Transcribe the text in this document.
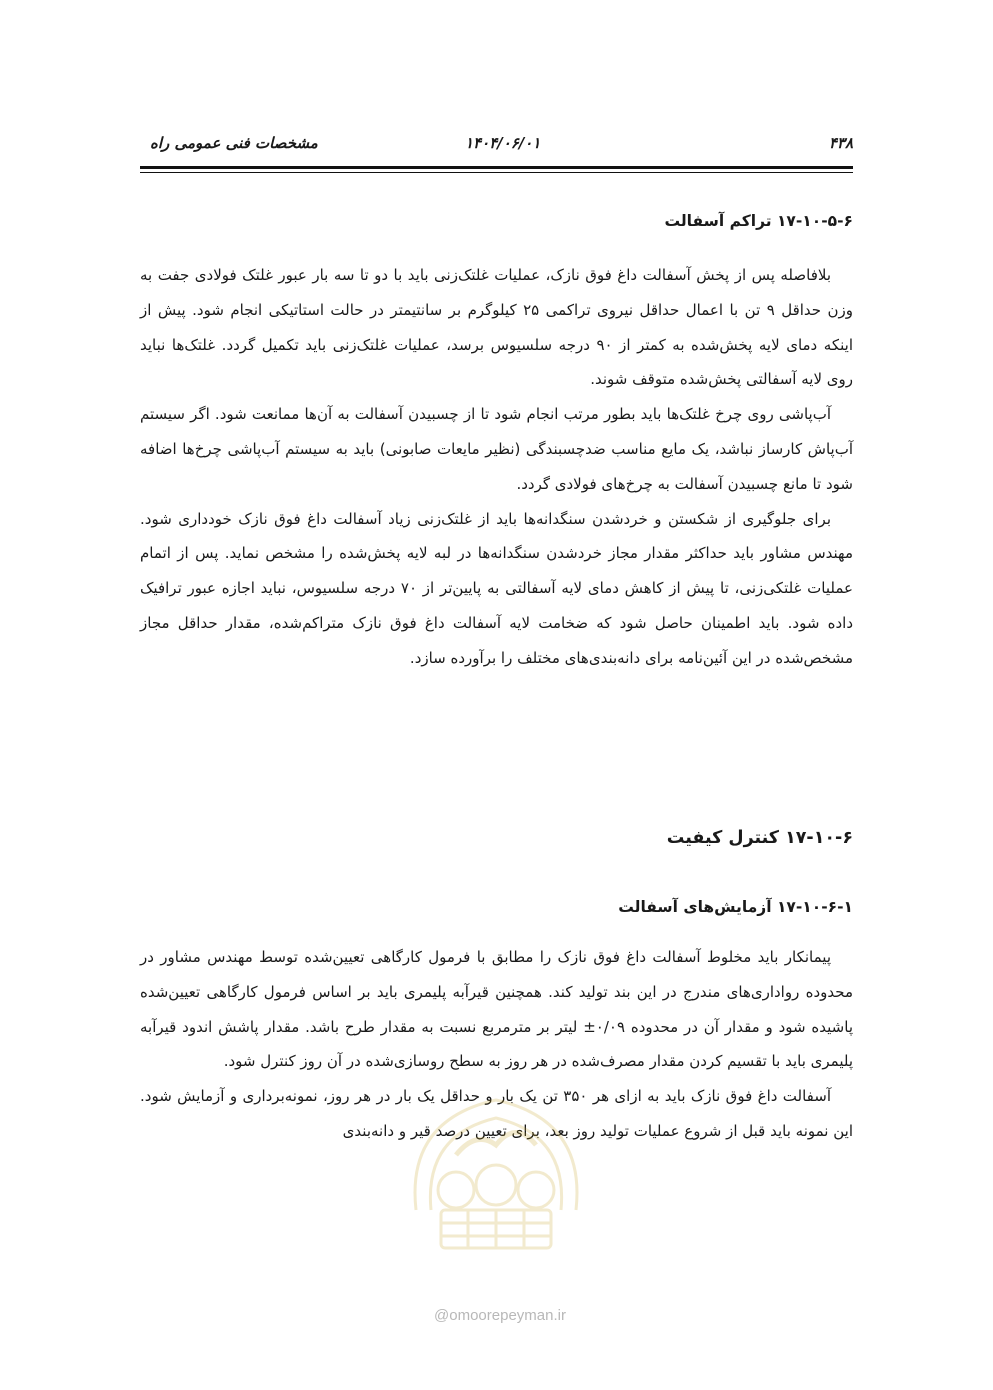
مشخصات فنی عمومی راه	۱۴۰۴/۰۶/۰۱	۴۳۸
۱۷-۱۰-۵-۶ تراکم آسفالت

بلافاصله پس از پخش آسفالت داغ فوق نازک، عملیات غلتک‌زنی باید با دو تا سه بار عبور غلتک فولادی جفت به وزن حداقل ۹ تن با اعمال حداقل نیروی تراکمی ۲۵ کیلوگرم بر سانتیمتر در حالت استاتیکی انجام شود. پیش از اینکه دمای لایه پخش‌شده به کمتر از ۹۰ درجه سلسیوس برسد، عملیات غلتک‌زنی باید تکمیل گردد. غلتک‌ها نباید روی لایه آسفالتی پخش‌شده متوقف شوند.

آب‌پاشی روی چرخ غلتک‌ها باید بطور مرتب انجام شود تا از چسبیدن آسفالت به آن‌ها ممانعت شود. اگر سیستم آب‌پاش کارساز نباشد، یک مایع مناسب ضدچسبندگی (نظیر مایعات صابونی) باید به سیستم آب‌پاشی چرخ‌ها اضافه شود تا مانع چسبیدن آسفالت به چرخ‌های فولادی گردد.

برای جلوگیری از شکستن و خردشدن سنگدانه‌ها باید از غلتک‌زنی زیاد آسفالت داغ فوق نازک خودداری شود. مهندس مشاور باید حداکثر مقدار مجاز خردشدن سنگدانه‌ها در لبه لایه پخش‌شده را مشخص نماید. پس از اتمام عملیات غلتکی‌زنی، تا پیش از کاهش دمای لایه آسفالتی به پایین‌تر از ۷۰ درجه سلسیوس، نباید اجازه عبور ترافیک داده شود. باید اطمینان حاصل شود که ضخامت لایه آسفالت داغ فوق نازک متراکم‌شده، مقدار حداقل مجاز مشخص‌شده در این آئین‌نامه برای دانه‌بندی‌های مختلف را برآورده سازد.

۱۷-۱۰-۶ کنترل کیفیت
۱۷-۱۰-۶-۱ آزمایش‌های آسفالت

پیمانکار باید مخلوط آسفالت داغ فوق نازک را مطابق با فرمول کارگاهی تعیین‌شده توسط مهندس مشاور در محدوده رواداری‌های مندرج در این بند تولید کند. همچنین قیرآبه پلیمری باید بر اساس فرمول کارگاهی تعیین‌شده پاشیده شود و مقدار آن در محدوده ۰/۰۹± لیتر بر مترمربع نسبت به مقدار طرح باشد. مقدار پاشش اندود قیرآبه پلیمری باید با تقسیم کردن مقدار مصرف‌شده در هر روز به سطح روسازی‌شده در آن روز کنترل شود.

آسفالت داغ فوق نازک باید به ازای هر ۳۵۰ تن یک بار و حداقل یک بار در هر روز، نمونه‌برداری و آزمایش شود. این نمونه باید قبل از شروع عملیات تولید روز بعد، برای تعیین درصد قیر و دانه‌بندی

@omoorepeyman.ir
